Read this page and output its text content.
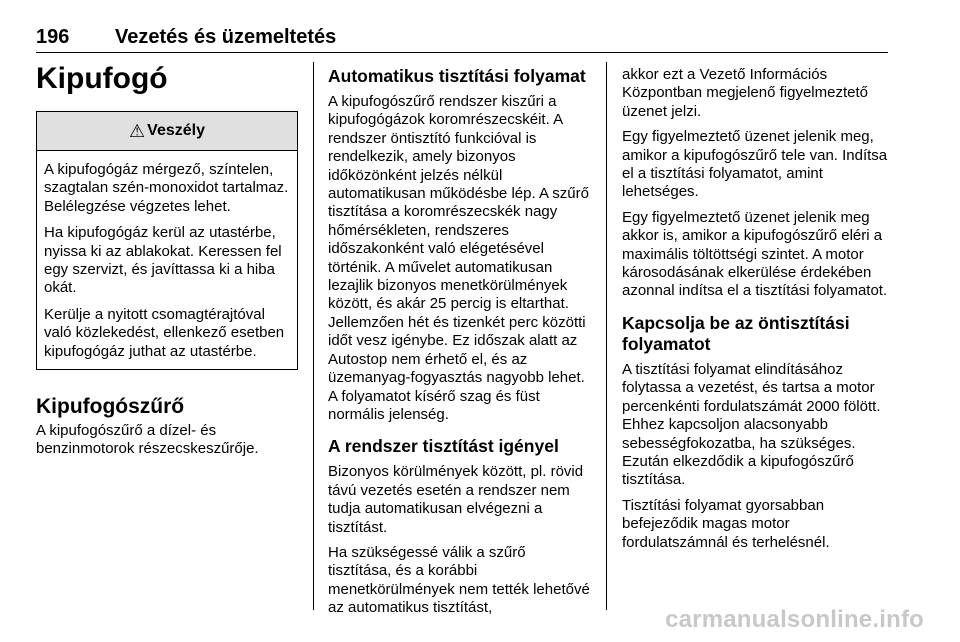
196 Vezetés és üzemeltetés
Kipufogó
⚠ Veszély

A kipufogógáz mérgező, színtelen, szagtalan szén-monoxidot tartalmaz. Belélegzése végzetes lehet.

Ha kipufogógáz kerül az utastérbe, nyissa ki az ablakokat. Keressen fel egy szervizt, és javíttassa ki a hiba okát.

Kerülje a nyitott csomagtérajtóval való közlekedést, ellenkező esetben kipufogógáz juthat az utastérbe.

Kipufogószűrő

A kipufogószűrő a dízel- és benzinmotorok részecskeszűrője.

Automatikus tisztítási folyamat

A kipufogószűrő rendszer kiszűri a kipufogógázok koromrészecskéit. A rendszer öntisztító funkcióval is rendelkezik, amely bizonyos időközönként jelzés nélkül automatikusan működésbe lép. A szűrő tisztítása a koromrészecskék nagy hőmérsékleten, rendszeres időszakonként való elégetésével történik. A művelet automatikusan lezajlik bizonyos menetkörülmények között, és akár 25 percig is eltarthat. Jellemzően hét és tizenkét perc közötti időt vesz igénybe. Ez időszak alatt az Autostop nem érhető el, és az üzemanyag-fogyasztás nagyobb lehet. A folyamatot kísérő szag és füst normális jelenség.

A rendszer tisztítást igényel

Bizonyos körülmények között, pl. rövid távú vezetés esetén a rendszer nem tudja automatikusan elvégezni a tisztítást.

Ha szükségessé válik a szűrő tisztítása, és a korábbi menetkörülmények nem tették lehetővé az automatikus tisztítást,

akkor ezt a Vezető Információs Központban megjelenő figyelmeztető üzenet jelzi.

Egy figyelmeztető üzenet jelenik meg, amikor a kipufogószűrő tele van. Indítsa el a tisztítási folyamatot, amint lehetséges.

Egy figyelmeztető üzenet jelenik meg akkor is, amikor a kipufogószűrő eléri a maximális töltöttségi szintet. A motor károsodásának elkerülése érdekében azonnal indítsa el a tisztítási folyamatot.

Kapcsolja be az öntisztítási folyamatot

A tisztítási folyamat elindításához folytassa a vezetést, és tartsa a motor percenkénti fordulatszámát 2000 fölött. Ehhez kapcsoljon alacsonyabb sebességfokozatba, ha szükséges. Ezután elkezdődik a kipufogószűrő tisztítása.

Tisztítási folyamat gyorsabban befejeződik magas motor fordulatszámnál és terhelésnél.

carmanualsonline.info
